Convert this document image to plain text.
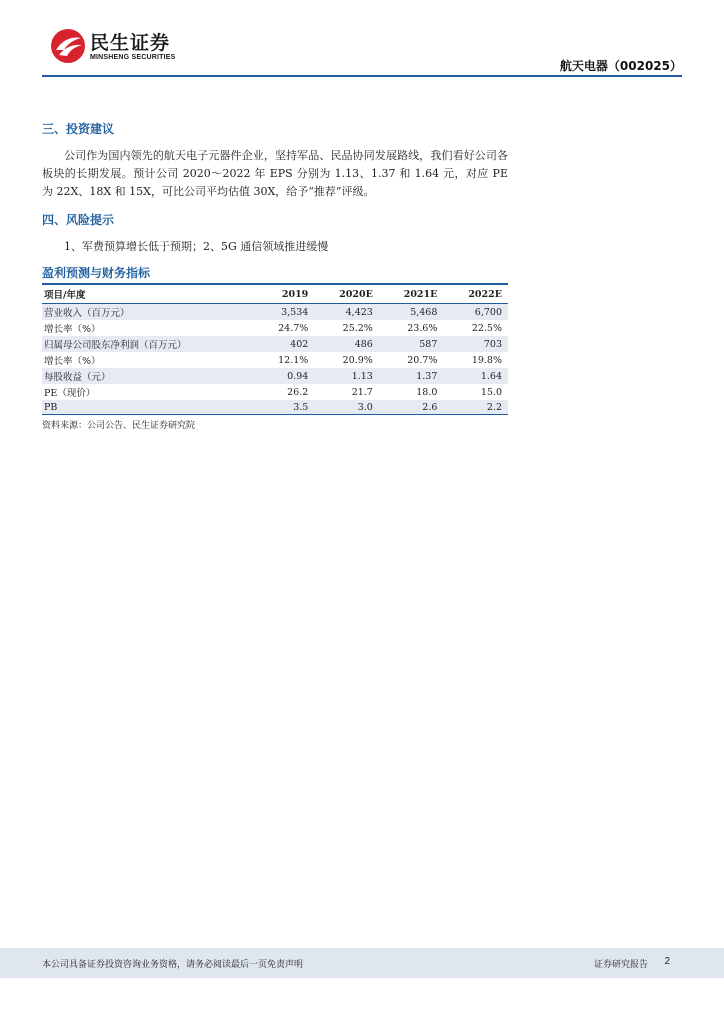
民生证券
MINSHENG SECURITIES
航天电器（002025）

三、投资建议

公司作为国内领先的航天电子元器件企业，坚持军品、民品协同发展路线，我们看好公司各板块的长期发展。预计公司 2020～2022 年 EPS 分别为 1.13、1.37 和 1.64 元，对应 PE 为 22X、18X 和 15X，可比公司平均估值 30X，给予“推荐”评级。

四、风险提示

1、军费预算增长低于预期；2、5G 通信领域推进缓慢

盈利预测与财务指标

项目/年度	2019	2020E	2021E	2022E
营业收入（百万元）	3,534	4,423	5,468	6,700
增长率（%）	24.7%	25.2%	23.6%	22.5%
归属母公司股东净利润（百万元）	402	486	587	703
增长率（%）	12.1%	20.9%	20.7%	19.8%
每股收益（元）	0.94	1.13	1.37	1.64
PE（现价）	26.2	21.7	18.0	15.0
PB	3.5	3.0	2.6	2.2
资料来源：公司公告、民生证券研究院
本公司具备证券投资咨询业务资格，请务必阅读最后一页免责声明	证券研究报告 2
